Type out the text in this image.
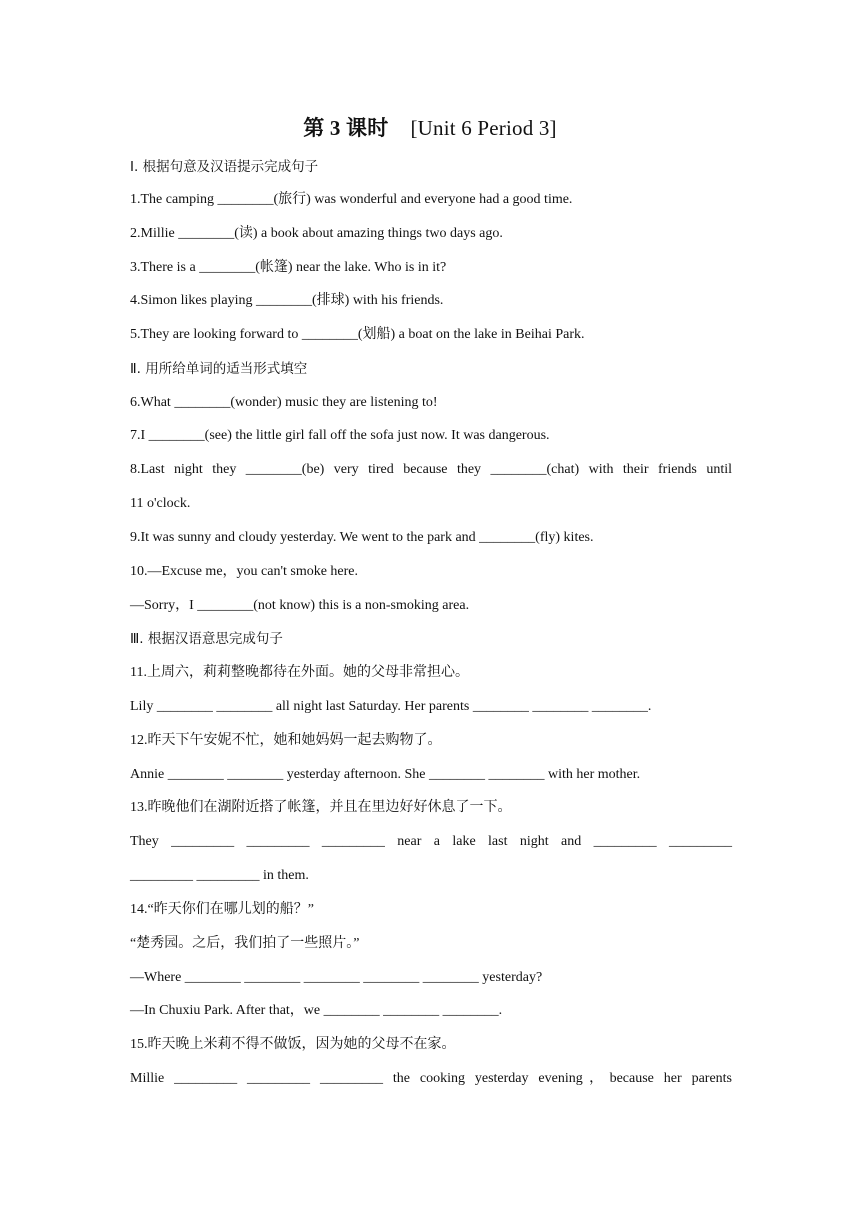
第 3 课时 [Unit 6 Period 3]
Ⅰ. 根据句意及汉语提示完成句子
1.The camping ________(旅行) was wonderful and everyone had a good time.
2.Millie ________(读) a book about amazing things two days ago.
3.There is a ________(帐篷) near the lake. Who is in it?
4.Simon likes playing ________(排球) with his friends.
5.They are looking forward to ________(划船) a boat on the lake in Beihai Park.
Ⅱ. 用所给单词的适当形式填空
6.What ________(wonder) music they are listening to!
7.I ________(see) the little girl fall off the sofa just now. It was dangerous.
8.Last night they ________(be) very tired because they ________(chat) with their friends until
11 o'clock.
9.It was sunny and cloudy yesterday. We went to the park and ________(fly) kites.
10.—Excuse me，you can't smoke here.
—Sorry，I ________(not know) this is a non-smoking area.
Ⅲ. 根据汉语意思完成句子
11.上周六，莉莉整晚都待在外面。她的父母非常担心。
Lily ________ ________ all night last Saturday. Her parents ________ ________ ________.
12.昨天下午安妮不忙，她和她妈妈一起去购物了。
Annie ________ ________ yesterday afternoon. She ________ ________ with her mother.
13.昨晚他们在湖附近搭了帐篷，并且在里边好好休息了一下。
They _________ _________ _________ near a lake last night and _________ _________
_________ _________ in them.
14.“昨天你们在哪儿划的船？”
“楚秀园。之后，我们拍了一些照片。”
—Where ________ ________ ________ ________ ________ yesterday?
—In Chuxiu Park. After that，we ________ ________ ________.
15.昨天晚上米莉不得不做饭，因为她的父母不在家。
Millie _________ _________ _________ the cooking yesterday evening，because her parents
